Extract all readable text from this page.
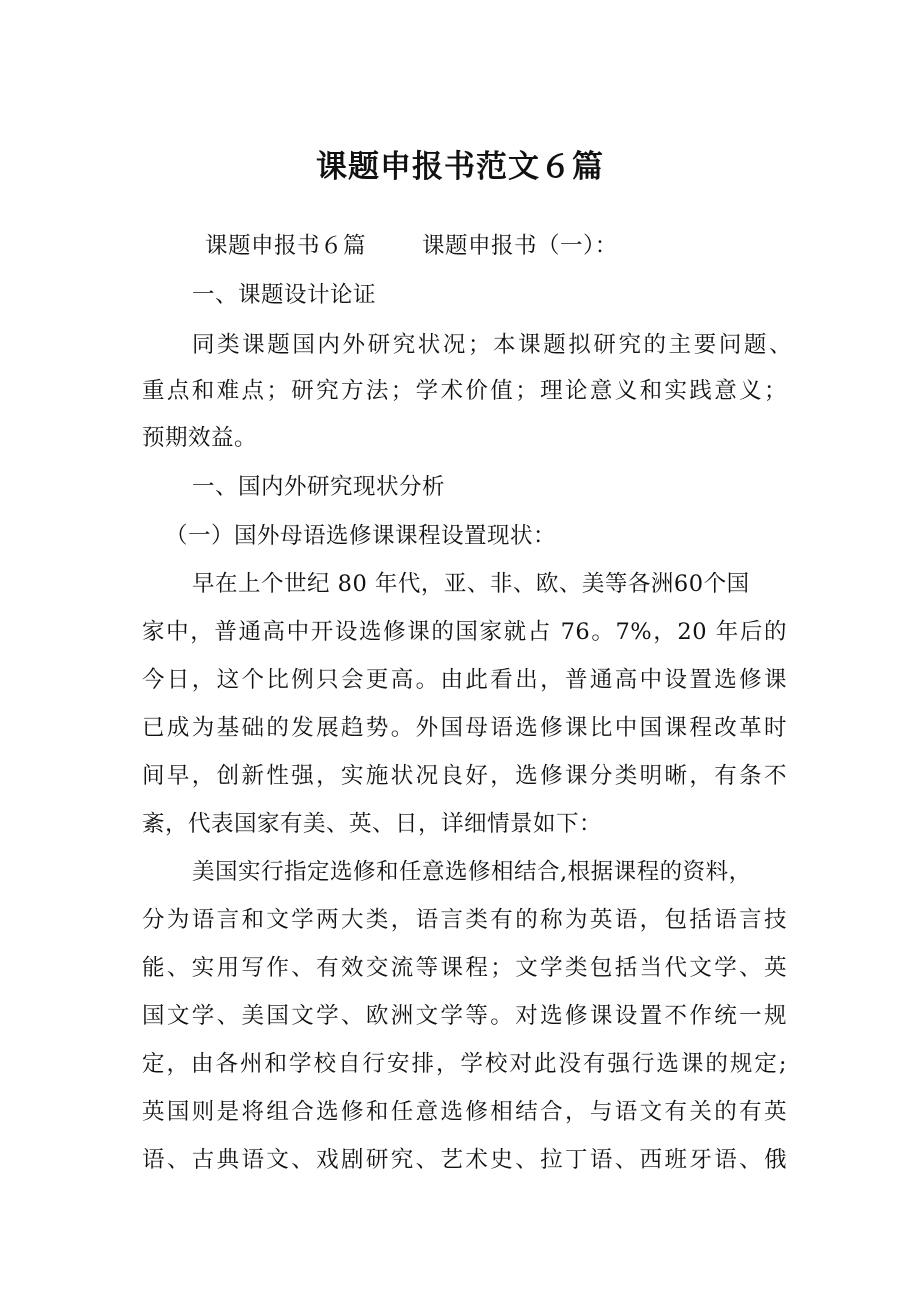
课题申报书范文６篇
课题申报书６篇 课题申报书（一）：
一、课题设计论证
同类课题国内外研究状况；本课题拟研究的主要问题、
重点和难点；研究方法；学术价值；理论意义和实践意义；
预期效益。
一、国内外研究现状分析
（一）国外母语选修课课程设置现状：
早在上个世纪 80 年代，亚、非、欧、美等各洲60个国
家中，普通高中开设选修课的国家就占 76。7%，20 年后的
今日，这个比例只会更高。由此看出，普通高中设置选修课
已成为基础的发展趋势。外国母语选修课比中国课程改革时
间早，创新性强，实施状况良好，选修课分类明晰，有条不
紊，代表国家有美、英、日，详细情景如下：
美国实行指定选修和任意选修相结合,根据课程的资料，
分为语言和文学两大类，语言类有的称为英语，包括语言技
能、实用写作、有效交流等课程；文学类包括当代文学、英
国文学、美国文学、欧洲文学等。对选修课设置不作统一规
定，由各州和学校自行安排，学校对此没有强行选课的规定;
英国则是将组合选修和任意选修相结合，与语文有关的有英
语、古典语文、戏剧研究、艺术史、拉丁语、西班牙语、俄
